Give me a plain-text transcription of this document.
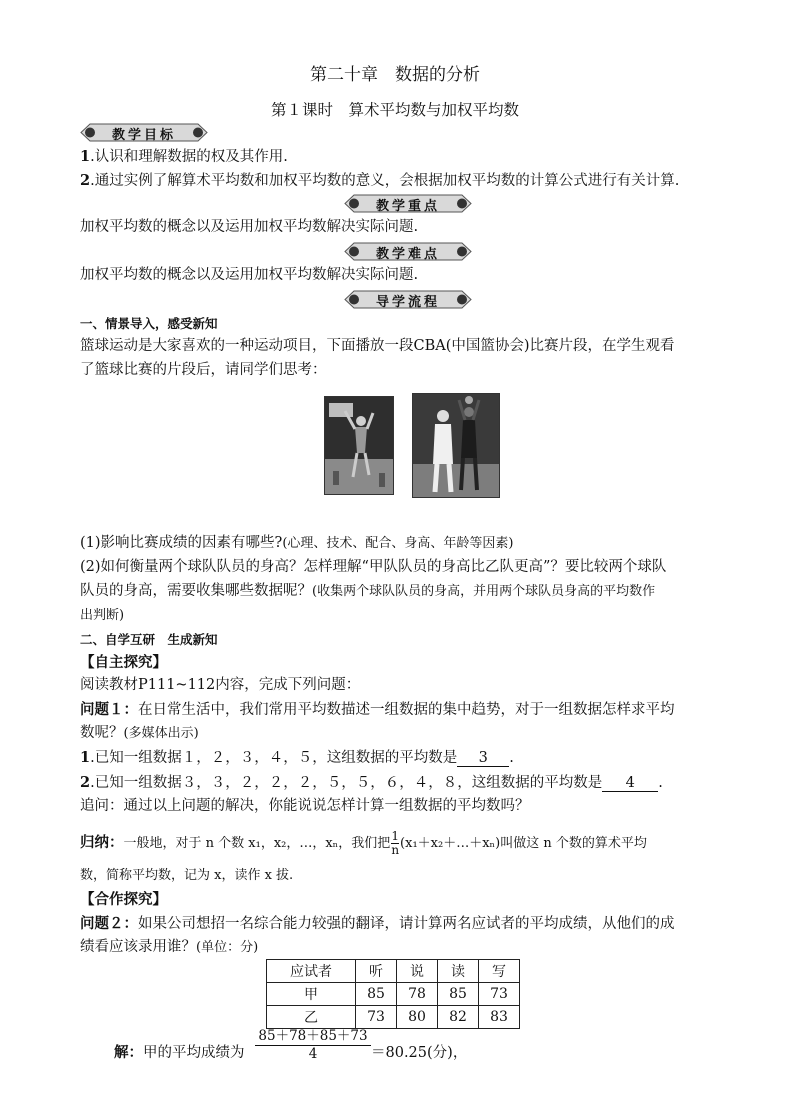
第二十章　数据的分析
第１课时　算术平均数与加权平均数
教学目标
1.认识和理解数据的权及其作用.
2.通过实例了解算术平均数和加权平均数的意义，会根据加权平均数的计算公式进行有关计算.
教学重点
加权平均数的概念以及运用加权平均数解决实际问题.
教学难点
加权平均数的概念以及运用加权平均数解决实际问题.
导学流程
一、情景导入，感受新知
篮球运动是大家喜欢的一种运动项目，下面播放一段CBA(中国篮协会)比赛片段，在学生观看
了篮球比赛的片段后，请同学们思考：
(1)影响比赛成绩的因素有哪些?(心理、技术、配合、身高、年龄等因素)
(2)如何衡量两个球队队员的身高？怎样理解“甲队队员的身高比乙队更高”？要比较两个球队
队员的身高，需要收集哪些数据呢？(收集两个球队队员的身高，并用两个球队员身高的平均数作
出判断)
二、自学互研　生成新知
【自主探究】
阅读教材P111~112内容，完成下列问题：
问题１：在日常生活中，我们常用平均数描述一组数据的集中趋势，对于一组数据怎样求平均
数呢？(多媒体出示)
1.已知一组数据１，２，３，４，５，这组数据的平均数是 3 .
2.已知一组数据３，３，２，２，２，５，５，６，４，８，这组数据的平均数是 4 .
追问：通过以上问题的解决，你能说说怎样计算一组数据的平均数吗？
归纳：一般地，对于 n 个数 x₁，x₂，…，xₙ，我们把 $\frac{1}{n}$ (x₁＋x₂＋…＋xₙ)叫做这 n 个数的算术平均
数，简称平均数，记为 x，读作 x 拔.
【合作探究】
问题２：如果公司想招一名综合能力较强的翻译，请计算两名应试者的平均成绩，从他们的成
绩看应该录用谁？(单位：分)
应试者	听	说	读	写
甲	85	78	85	73
乙	73	80	82	83
解：甲的平均成绩为 $\frac{85+78+85+73}{4} =80.25$(分)，
